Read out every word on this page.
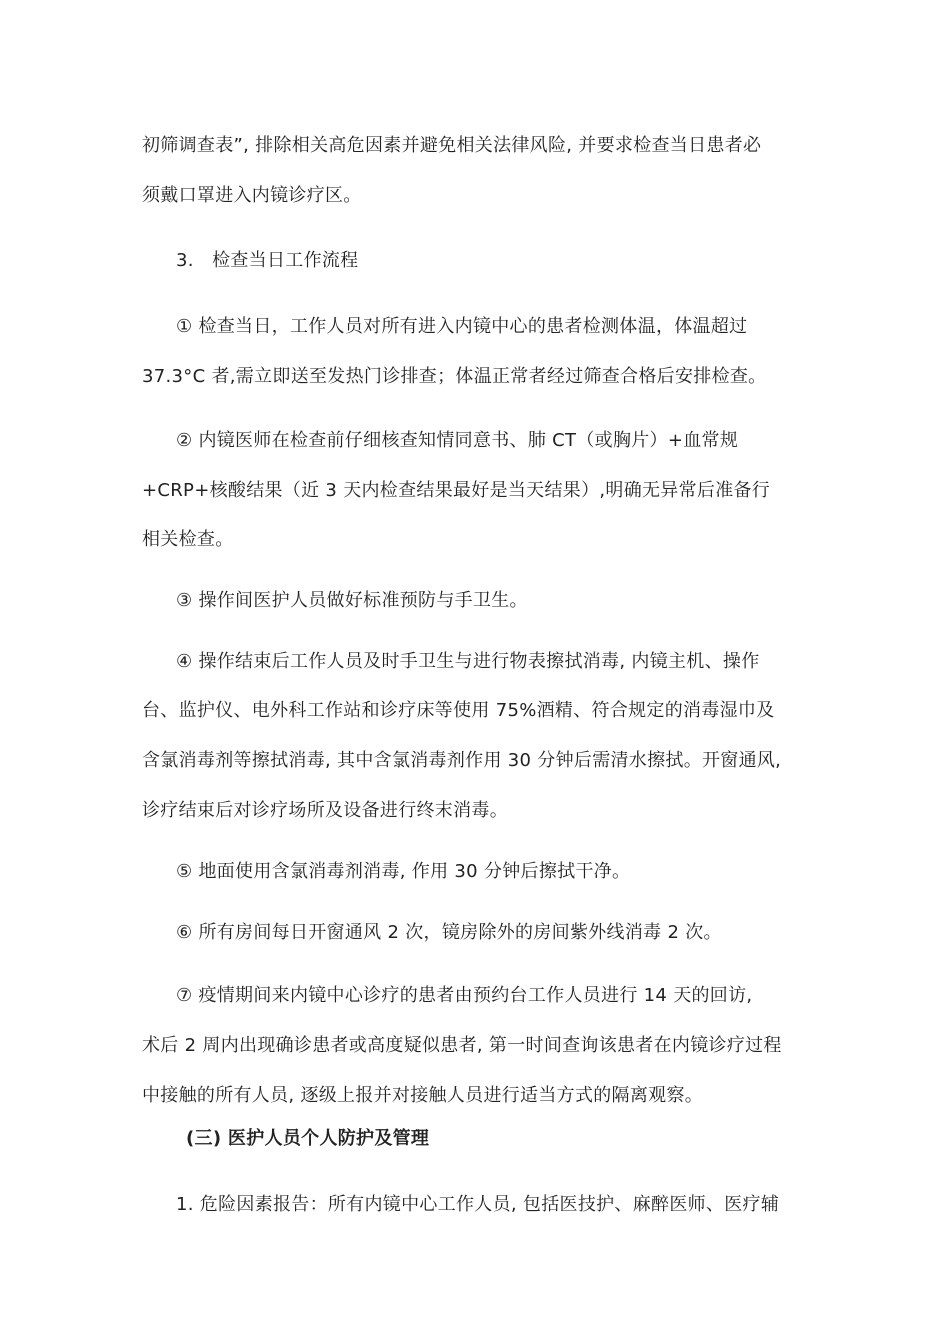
初筛调查表”, 排除相关高危因素并避免相关法律风险, 并要求检查当日患者必
须戴口罩进入内镜诊疗区。
3.　检查当日工作流程
① 检查当日，工作人员对所有进入内镜中心的患者检测体温，体温超过
37.3°C 者,需立即送至发热门诊排查；体温正常者经过筛查合格后安排检查。
② 内镜医师在检查前仔细核查知情同意书、肺 CT（或胸片）+血常规
+CRP+核酸结果（近 3 天内检查结果最好是当天结果）,明确无异常后准备行
相关检查。
③ 操作间医护人员做好标准预防与手卫生。
④ 操作结束后工作人员及时手卫生与进行物表擦拭消毒, 内镜主机、操作
台、监护仪、电外科工作站和诊疗床等使用 75%酒精、符合规定的消毒湿巾及
含氯消毒剂等擦拭消毒, 其中含氯消毒剂作用 30 分钟后需清水擦拭。开窗通风,
诊疗结束后对诊疗场所及设备进行终末消毒。
⑤ 地面使用含氯消毒剂消毒, 作用 30 分钟后擦拭干净。
⑥ 所有房间每日开窗通风 2 次，镜房除外的房间紫外线消毒 2 次。
⑦ 疫情期间来内镜中心诊疗的患者由预约台工作人员进行 14 天的回访,
术后 2 周内出现确诊患者或高度疑似患者, 第一时间查询该患者在内镜诊疗过程
中接触的所有人员, 逐级上报并对接触人员进行适当方式的隔离观察。
(三) 医护人员个人防护及管理
1. 危险因素报告：所有内镜中心工作人员, 包括医技护、麻醉医师、医疗辅
